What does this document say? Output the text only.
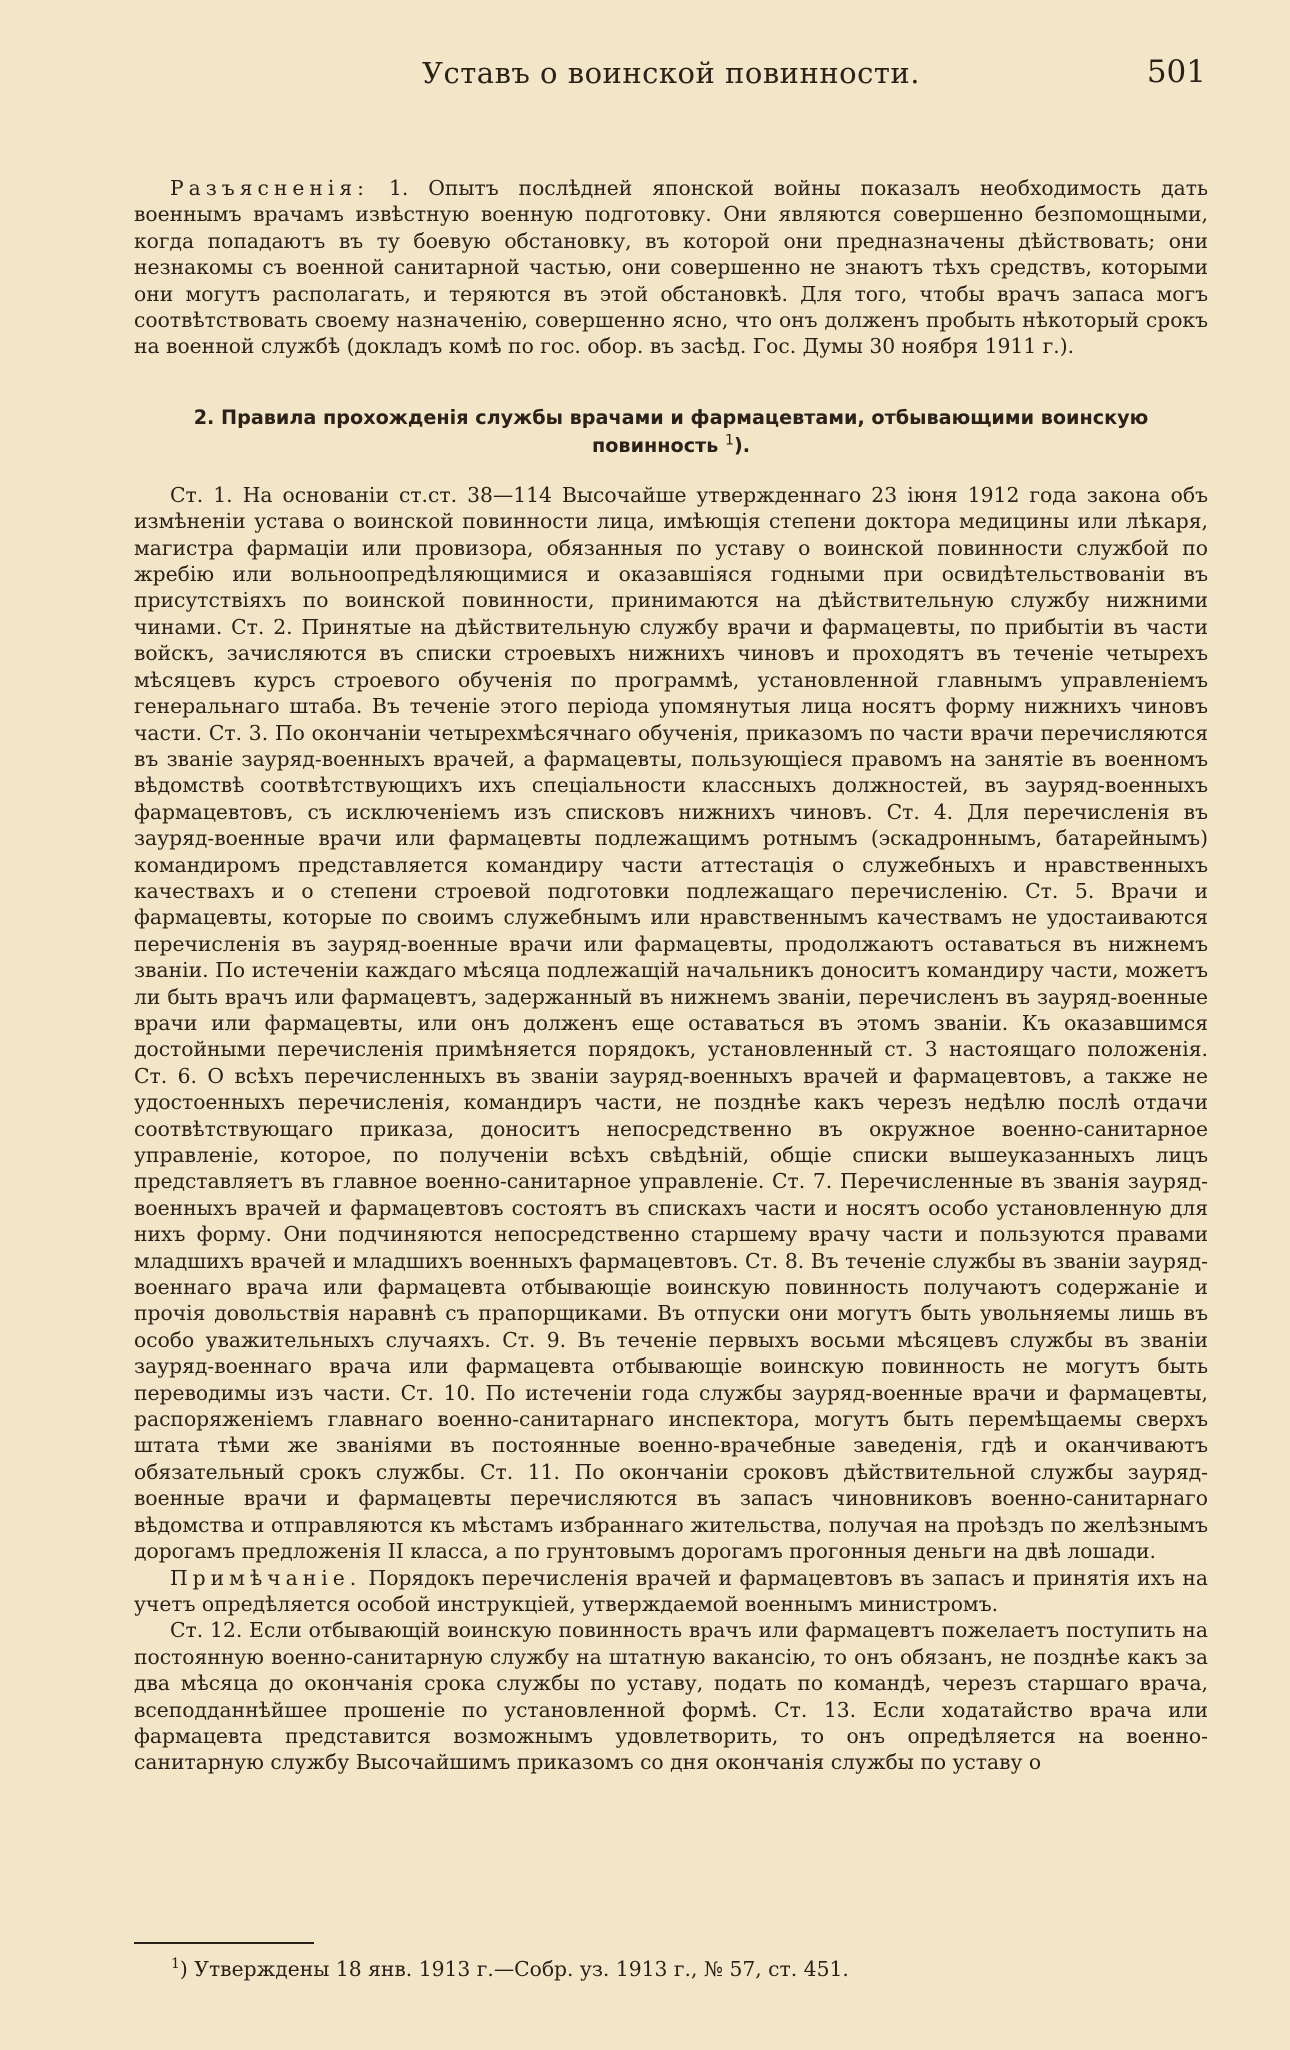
Уставъ о воинской повинности.	501

Разъясненія: 1. Опытъ послѣдней японской войны показалъ необходимость дать военнымъ врачамъ извѣстную военную подготовку. Они являются совершенно безпомощными, когда попадаютъ въ ту боевую обстановку, въ которой они предназначены дѣйствовать; они незнакомы съ военной санитарной частью, они совершенно не знаютъ тѣхъ средствъ, которыми они могутъ располагать, и теряются въ этой обстановкѣ. Для того, чтобы врачъ запаса могъ соотвѣтствовать своему назначенію, совершенно ясно, что онъ долженъ пробыть нѣкоторый срокъ на военной службѣ (докладъ комѣ по гос. обор. въ засѣд. Гос. Думы 30 ноября 1911 г.).

2. Правила прохожденія службы врачами и фармацевтами, отбывающими воинскую повинность $^1$).

Ст. 1. На основаніи ст.ст. 38—114 Высочайше утвержденнаго 23 іюня 1912 года закона объ измѣненіи устава о воинской повинности лица, имѣющія степени доктора медицины или лѣкаря, магистра фармаціи или провизора, обязанныя по уставу о воинской повинности службой по жребію или вольноопредѣляющимися и оказавшіяся годными при освидѣтельствованіи въ присутствіяхъ по воинской повинности, принимаются на дѣйствительную службу нижними чинами. Ст. 2. Принятые на дѣйствительную службу врачи и фармацевты, по прибытіи въ части войскъ, зачисляются въ списки строевыхъ нижнихъ чиновъ и проходятъ въ теченіе четырехъ мѣсяцевъ курсъ строевого обученія по программѣ, установленной главнымъ управленіемъ генеральнаго штаба. Въ теченіе этого періода упомянутыя лица носятъ форму нижнихъ чиновъ части. Ст. 3. По окончаніи четырехмѣсячнаго обученія, приказомъ по части врачи перечисляются въ званіе зауряд-военныхъ врачей, а фармацевты, пользующіеся правомъ на занятіе въ военномъ вѣдомствѣ соотвѣтствующихъ ихъ спеціальности классныхъ должностей, въ зауряд-военныхъ фармацевтовъ, съ исключеніемъ изъ списковъ нижнихъ чиновъ. Ст. 4. Для перечисленія въ зауряд-военные врачи или фармацевты подлежащимъ ротнымъ (эскадроннымъ, батарейнымъ) командиромъ представляется командиру части аттестація о служебныхъ и нравственныхъ качествахъ и о степени строевой подготовки подлежащаго перечисленію. Ст. 5. Врачи и фармацевты, которые по своимъ служебнымъ или нравственнымъ качествамъ не удостаиваются перечисленія въ зауряд-военные врачи или фармацевты, продолжаютъ оставаться въ нижнемъ званіи. По истеченіи каждаго мѣсяца подлежащій начальникъ доноситъ командиру части, можетъ ли быть врачъ или фармацевтъ, задержанный въ нижнемъ званіи, перечисленъ въ зауряд-военные врачи или фармацевты, или онъ долженъ еще оставаться въ этомъ званіи. Къ оказавшимся достойными перечисленія примѣняется порядокъ, установленный ст. 3 настоящаго положенія. Ст. 6. О всѣхъ перечисленныхъ въ званіи зауряд-военныхъ врачей и фармацевтовъ, а также не удостоенныхъ перечисленія, командиръ части, не позднѣе какъ черезъ недѣлю послѣ отдачи соотвѣтствующаго приказа, доноситъ непосредственно въ окружное военно-санитарное управленіе, которое, по полученіи всѣхъ свѣдѣній, общіе списки вышеуказанныхъ лицъ представляетъ въ главное военно-санитарное управленіе. Ст. 7. Перечисленные въ званія зауряд-военныхъ врачей и фармацевтовъ состоятъ въ спискахъ части и носятъ особо установленную для нихъ форму. Они подчиняются непосредственно старшему врачу части и пользуются правами младшихъ врачей и младшихъ военныхъ фармацевтовъ. Ст. 8. Въ теченіе службы въ званіи зауряд-военнаго врача или фармацевта отбывающіе воинскую повинность получаютъ содержаніе и прочія довольствія наравнѣ съ прапорщиками. Въ отпуски они могутъ быть увольняемы лишь въ особо уважительныхъ случаяхъ. Ст. 9. Въ теченіе первыхъ восьми мѣсяцевъ службы въ званіи зауряд-военнаго врача или фармацевта отбывающіе воинскую повинность не могутъ быть переводимы изъ части. Ст. 10. По истеченіи года службы зауряд-военные врачи и фармацевты, распоряженіемъ главнаго военно-санитарнаго инспектора, могутъ быть перемѣщаемы сверхъ штата тѣми же званіями въ постоянные военно-врачебные заведенія, гдѣ и оканчиваютъ обязательный срокъ службы. Ст. 11. По окончаніи сроковъ дѣйствительной службы зауряд-военные врачи и фармацевты перечисляются въ запасъ чиновниковъ военно-санитарнаго вѣдомства и отправляются къ мѣстамъ избраннаго жительства, получая на проѣздъ по желѣзнымъ дорогамъ предложенія II класса, а по грунтовымъ дорогамъ прогонныя деньги на двѣ лошади.

Примѣчаніе. Порядокъ перечисленія врачей и фармацевтовъ въ запасъ и принятія ихъ на учетъ опредѣляется особой инструкціей, утверждаемой военнымъ министромъ.

Ст. 12. Если отбывающій воинскую повинность врачъ или фармацевтъ пожелаетъ поступить на постоянную военно-санитарную службу на штатную вакансію, то онъ обязанъ, не позднѣе какъ за два мѣсяца до окончанія срока службы по уставу, подать по командѣ, черезъ старшаго врача, всеподданнѣйшее прошеніе по установленной формѣ. Ст. 13. Если ходатайство врача или фармацевта представится возможнымъ удовлетворить, то онъ опредѣляется на военно-санитарную службу Высочайшимъ приказомъ со дня окончанія службы по уставу о

$^1$) Утверждены 18 янв. 1913 г.—Собр. уз. 1913 г., № 57, ст. 451.
